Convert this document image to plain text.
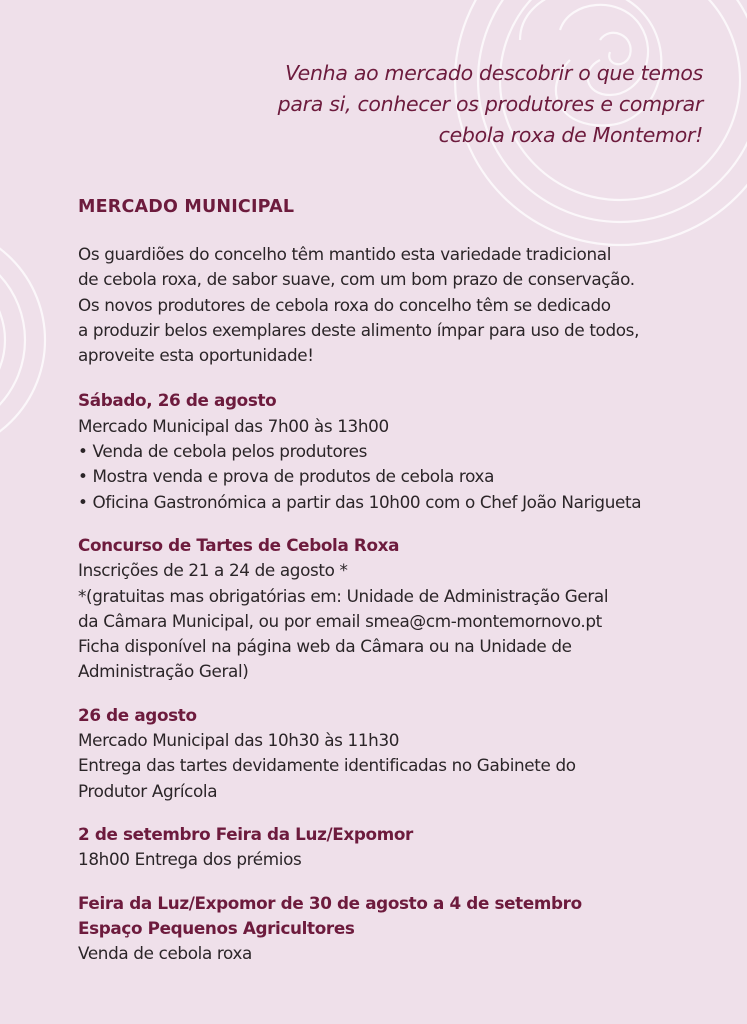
Venha ao mercado descobrir o que temos
para si, conhecer os produtores e comprar
cebola roxa de Montemor!
MERCADO MUNICIPAL
Os guardiões do concelho têm mantido esta variedade tradicional
de cebola roxa, de sabor suave, com um bom prazo de conservação.
Os novos produtores de cebola roxa do concelho têm se dedicado
a produzir belos exemplares deste alimento ímpar para uso de todos,
aproveite esta oportunidade!
Sábado, 26 de agosto
Mercado Municipal das 7h00 às 13h00
• Venda de cebola pelos produtores
• Mostra venda e prova de produtos de cebola roxa
• Oficina Gastronómica a partir das 10h00 com o Chef João Narigueta
Concurso de Tartes de Cebola Roxa
Inscrições de 21 a 24 de agosto *
*(gratuitas mas obrigatórias em: Unidade de Administração Geral
da Câmara Municipal, ou por email smea@cm-montemornovo.pt
Ficha disponível na página web da Câmara ou na Unidade de
Administração Geral)
26 de agosto
Mercado Municipal das 10h30 às 11h30
Entrega das tartes devidamente identificadas no Gabinete do
Produtor Agrícola
2 de setembro Feira da Luz/Expomor
18h00 Entrega dos prémios
Feira da Luz/Expomor de 30 de agosto a 4 de setembro
Espaço Pequenos Agricultores
Venda de cebola roxa
